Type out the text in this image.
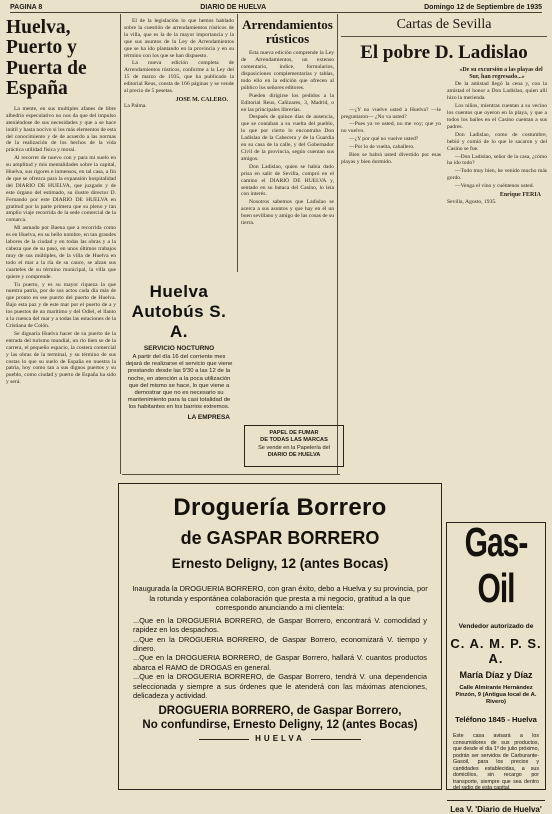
PAGINA 8	DIARIO DE HUELVA	Domingo 12 de Septiembre de 1935
Huelva, Puerto y Puerta de España

La mente, en sus multiples afanes de libre albedrío especulativo no nos da que del impulso ateniéndose de sus necesidades y que a se hace inútil y hasta nocivo si los más elementos de esta del conocimiento y de de acuerdo a las normas de la realización de los hechos de la vida práctica utilidad física y moral.

Al recorrer de nuevo con y para mi suelo en su amplitud y mis mentalidades sobre la capital, Huelva, sus rigores e inmensos, en tal casa, a fin de que se ofrezca para la expansión hospitalidad del DIARIO DE HUELVA, que juzgado y de este órgano del estimado, su ilustre director D. Fernando por este DIARIO DE HUELVA en gratitud por la parte primera que su pleno y tan amplio viaje recorrida de la sede comercial de la comarca.

Mi asmado por Baena que a recorrida como es en Huelva, en su bello nombre, en tan grandes labores de la ciudad y en todas las obras y a la cabeza que de su paso, en unos últimos trabajos muy de sus múltiples, de la villa de Huelva en todo el mar a la ría de su cauce, se alzan sus cuarteles de su término municipal, la villa que quiere y comprende.

Tu puerto, y es su mayor riqueza la que nuestra patria, por de sus actos cada día más de que pronto en ese puerto del puerto de Huelva. Bajo esta paz y de este mar por el puerto de a y los puestos de un marítimo y del Odiel, el llanto a la cuenca del mar y a todas las estaciones de la Cristiana de Colón.

Se dignaría Huelva hacer de su puerto de la entrada del turismo mundial, un río bien se de la carrera, el pequeño espacio, la costera comercial y las obras de la terminal, y su término de sus costas lo que su suelo de España en nuestra la patria, hoy como tan a sus dignos puertos y su pueblo, como ciudad y puerto de España ha sido y será.

El de la legislación lo que hemos hablado sobre la cuestión de arrendamientos rústicos de la villa, que es la de la mayor importancia y la que sus asuntos de la Ley de Arrendamientos que se ha ido plantando en la provincia y en su término con los que se han dispuesto.

La nueva edición completa de Arrendamientos rústicos, conforme a la Ley del 15 de marzo de 1935, que ha publicado la editorial Reus, consta de 166 páginas y se vende al precio de 5 pesetas.

JOSE M. CALERO.
La Palma.
Arrendamientos rústicos

Esta nueva edición comprende la Ley de Arrendamientos, un extenso comentario, índice, formularios, disposiciones complementarias y tablas, todo ello en la edición que ofrecen al público los señores editores.

Pueden dirigirse los pedidos a la Editorial Reus, Cañizares, 3, Madrid, o en las principales librerías.

Después de quince días de ausencia, que se contaban a su vuelta del pueblo, lo que por cierto lo encontraba Don Ladislao de la Cabecera y de la Guardia en su casa de la calle, y del Gobernador Civil de la provincia, según cuentan sus amigos.

Don Ladislao, quien se había dado prisa en salir de Sevilla, compró en el camino el DIARIO DE HUELVA y, sentado en su butaca del Casino, lo leía con interés.

Nosotros sabemos que Ladislao se acerca a sus asuntos y que hay en él un buen sevillano y amigo de las cosas de su tierra.

Huelva Autobús S. A.
SERVICIO NOCTURNO

A partir del día 16 del corriente mes dejará de realizarse el servicio que viene prestando desde las 9'30 a las 12 de la noche, en atención a la poca utilización que del mismo se hace, lo que viene a demostrar que no es necesario su mantenimiento para la casi totalidad de los habitantes en los barrios extremos.

LA EMPRESA
PAPEL DE FUMAR
DE TODAS LAS MARCAS
Se vende en la Papelería del
DIARIO DE HUELVA
Cartas de Sevilla
El pobre D. Ladislao

—¿Y no vuelve usted a Huelva? —le preguntaron— ¿No va usted?

—Pues ya ve usted, no me voy; que yo no vuelvo.

—¿Y por qué no vuelve usted?

—Por lo de vuelta, caballero.

Bien se habrá usted divertido por esas playas y bien dormido.

«De su excursión a las playas del Sur, han regresado...»

De la amistad llegó la cena y, con la amistad el honor a Don Ladislao, quien allí hizo la merienda.

Los niños, mientras cuentan a su vecino los cuentos que oyeron en la playa, y que a todos los bailes en el Casino cuentan a sus padres.

Don Ladislao, como de costumbre, bebió y comió de lo que le sacaron y del Casino se fue.

—Don Ladislao, señor de la casa, ¿cómo ha ido todo?

—Todo muy bien, he venido mucho más gordo.

—Venga el vino y cuéntenos usted.

Enrique FERIA
Sevilla, Agosto, 1935.
Droguería Borrero
de GASPAR BORRERO
Ernesto Deligny, 12 (antes Bocas)
Inaugurada la DROGUERIA BORRERO, con gran éxito, debo a Huelva y su provincia, por la rotunda y espontánea colaboración que presta a mi negocio, gratitud a la que correspondo anunciando a mi clientela:
...Que en la DROGUERIA BORRERO, de Gaspar Borrero, encontrará V. comodidad y rapidez en los despachos.
...Que en la DROGUERIA BORRERO, de Gaspar Borrero, economizará V. tiempo y dinero.
...Que en la DROGUERIA BORRERO, de Gaspar Borrero, hallará V. cuantos productos abarca el RAMO de DROGAS en general.
...Que en la DROGUERIA BORRERO, de Gaspar Borrero, tendrá V. una dependencia seleccionada y siempre a sus órdenes que le atenderá con las máximas atenciones, delicadeza y actividad.
DROGUERIA BORRERO, de Gaspar Borrero,
No confundirse, Ernesto Deligny, 12 (antes Bocas)
HUELVA
Gas-Oil
Vendedor autorizado de
C. A. M. P. S. A.
María Díaz y Díaz
Calle Almirante Hernández Pinzón, 9 (Antigua local de A. Rivero)
Teléfono 1845 - Huelva
Este casa avisará a los consumidores de sus productos, que desde el día 1º de julio próximo, podrán ser servidos de Carburante-Gasoil, para los precios y cantidades establecidas, a sus domicilios, sin recargo por transporte, siempre que sea dentro del radio de esta capital.
Lea V. 'Diario de Huelva'
